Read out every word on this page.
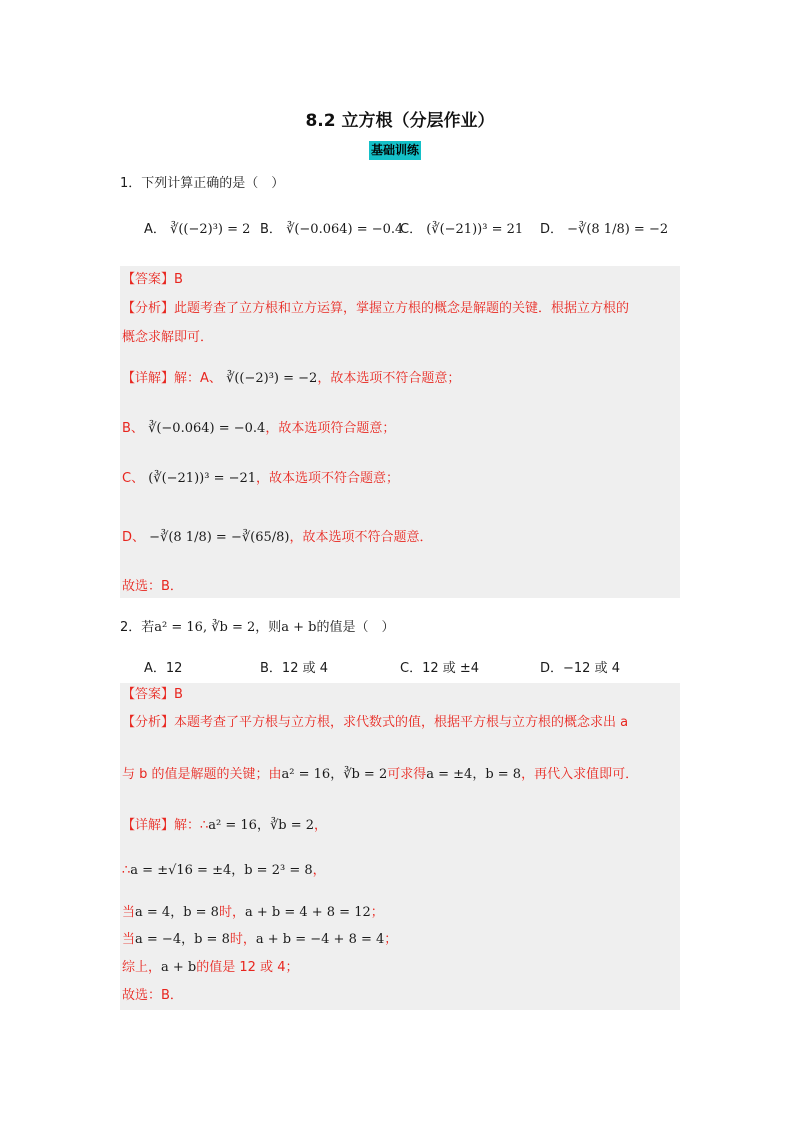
8.2 立方根（分层作业）
基础训练
1．下列计算正确的是（　）
A． ∛((−2)³) = 2 B． ∛(−0.064) = −0.4
C． (∛(−21))³ = 21 D． −∛(8 1/8) = −2
【答案】B
【分析】此题考查了立方根和立方运算，掌握立方根的概念是解题的关键．根据立方根的
概念求解即可．
【详解】解：A、 ∛((−2)³) = −2，故本选项不符合题意；
B、 ∛(−0.064) = −0.4，故本选项符合题意；
C、 (∛(−21))³ = −21，故本选项不符合题意；
D、 −∛(8 1/8) = −∛(65/8)，故本选项不符合题意．
故选：B．
2．若a² = 16, ∛b = 2，则a + b的值是（　）
A．12	B．12 或 4	C．12 或 ±4	D．−12 或 4
【答案】B
【分析】本题考查了平方根与立方根，求代数式的值，根据平方根与立方根的概念求出 a
与 b 的值是解题的关键；由a² = 16，∛b = 2可求得a = ±4，b = 8，再代入求值即可．
【详解】解：∴a² = 16，∛b = 2，
∴a = ±√16 = ±4，b = 2³ = 8，
当a = 4，b = 8时，a + b = 4 + 8 = 12；
当a = −4，b = 8时，a + b = −4 + 8 = 4；
综上，a + b的值是 12 或 4；
故选：B．
